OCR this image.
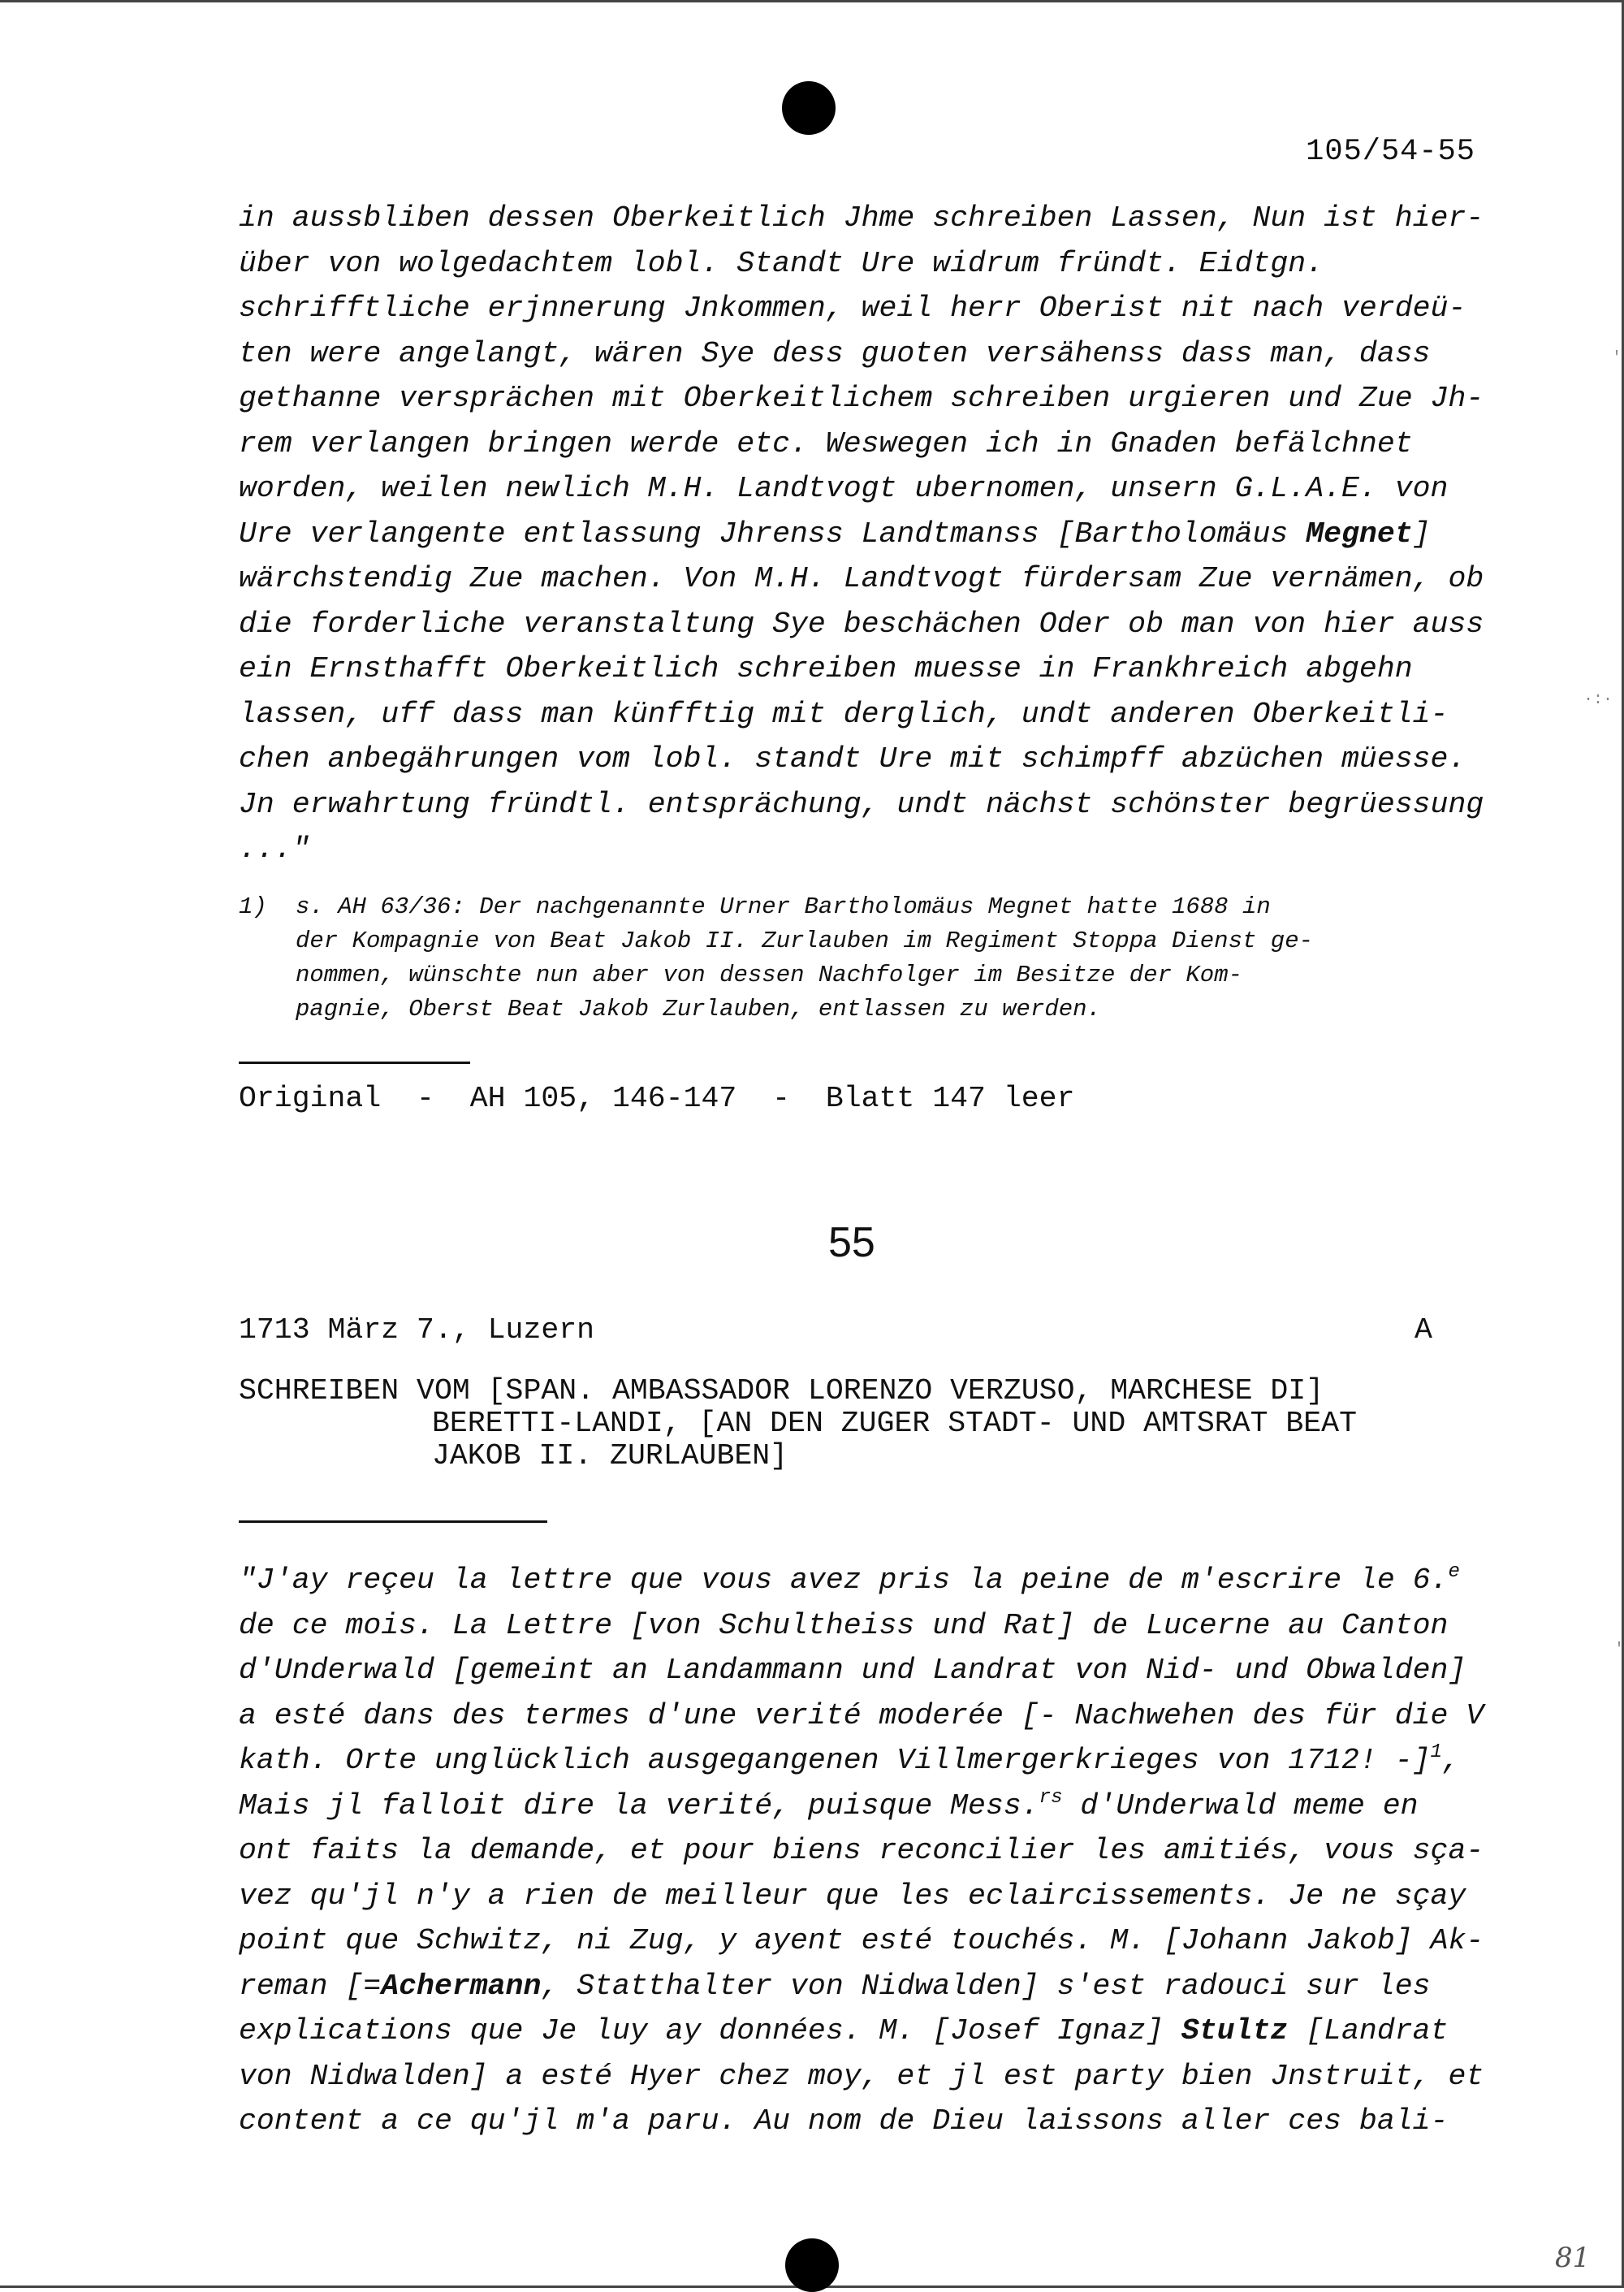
105/54-55
in aussbliben dessen Oberkeitlich Jhme schreiben Lassen, Nun ist hier-
über von wolgedachtem lobl. Standt Ure widrum fründt. Eidtgn.
schrifftliche erjnnerung Jnkommen, weil herr Oberist nit nach verdeü-
ten were angelangt, wären Sye dess guoten versähenss dass man, dass
gethanne versprächen mit Oberkeitlichem schreiben urgieren und Zue Jh-
rem verlangen bringen werde etc. Weswegen ich in Gnaden befälchnet
worden, weilen newlich M.H. Landtvogt ubernomen, unsern G.L.A.E. von
Ure verlangente entlassung Jhrenss Landtmanss [Bartholomäus Megnet]
wärchstendig Zue machen. Von M.H. Landtvogt fürdersam Zue vernämen, ob
die forderliche veranstaltung Sye beschächen Oder ob man von hier auss
ein Ernsthafft Oberkeitlich schreiben muesse in Frankhreich abgehn
lassen, uff dass man künfftig mit derglich, undt anderen Oberkeitli-
chen anbegährungen vom lobl. standt Ure mit schimpff abzüchen müesse.
Jn erwahrtung fründtl. entsprächung, undt nächst schönster begrüessung
..."
1) s. AH 63/36: Der nachgenannte Urner Bartholomäus Megnet hatte 1688 in
der Kompagnie von Beat Jakob II. Zurlauben im Regiment Stoppa Dienst ge-
nommen, wünschte nun aber von dessen Nachfolger im Besitze der Kom-
pagnie, Oberst Beat Jakob Zurlauben, entlassen zu werden.
Original  -  AH 105, 146-147  -  Blatt 147 leer
55
1713 März 7., Luzern	A
SCHREIBEN VOM [SPAN. AMBASSADOR LORENZO VERZUSO, MARCHESE DI]
BERETTI-LANDI, [AN DEN ZUGER STADT- UND AMTSRAT BEAT
JAKOB II. ZURLAUBEN]
"J'ay reçeu la lettre que vous avez pris la peine de m'escrire le 6.$^e$
de ce mois. La Lettre [von Schultheiss und Rat] de Lucerne au Canton
d'Underwald [gemeint an Landammann und Landrat von Nid- und Obwalden]
a esté dans des termes d'une verité moderée [- Nachwehen des für die V
kath. Orte unglücklich ausgegangenen Villmergerkrieges von 1712! -]$^1$,
Mais jl falloit dire la verité, puisque Mess.$^{rs}$ d'Underwald meme en
ont faits la demande, et pour biens reconcilier les amitiés, vous sça-
vez qu'jl n'y a rien de meilleur que les eclaircissements. Je ne sçay
point que Schwitz, ni Zug, y ayent esté touchés. M. [Johann Jakob] Ak-
reman [=Achermann, Statthalter von Nidwalden] s'est radouci sur les
explications que Je luy ay données. M. [Josef Ignaz] Stultz [Landrat
von Nidwalden] a esté Hyer chez moy, et jl est party bien Jnstruit, et
content a ce qu'jl m'a paru. Au nom de Dieu laissons aller ces bali-
'
·:·
'
81
